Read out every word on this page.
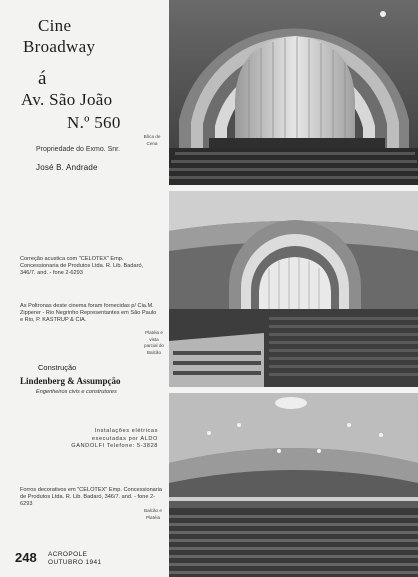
Cine
Broadway
á
Av. São João
N.º 560
Propriedade do Exmo. Snr.
José B. Andrade
Correção acustica com "CELOTEX" Emp. Concessionaria de Produtos Ltda. R. Lib. Badaró, 346/7. and. - fone 2-6293
As Poltronas deste cinema foram fornecidas p/ Cia.M. Zipperer - Rio Negrinho Representantes em São Paulo e Rio, P. KASTRUP & CIA.
Construção
Lindenberg & Assumpção
Engenheiros civis e construtores
Instalações elétricas executadas por ALDO GANDOLFI Telefone: 5-3828
Forros decorativos em "CELOTEX" Emp. Concessionaria de Produtos Ltda. R. Lib. Badaró, 346/7. and. - fone 2-6293
248 ACROPOLE
OUTUBRO 1941
Bôca de Cena
Platéia e vista parcial do Balcão
Balcão e Platéia
